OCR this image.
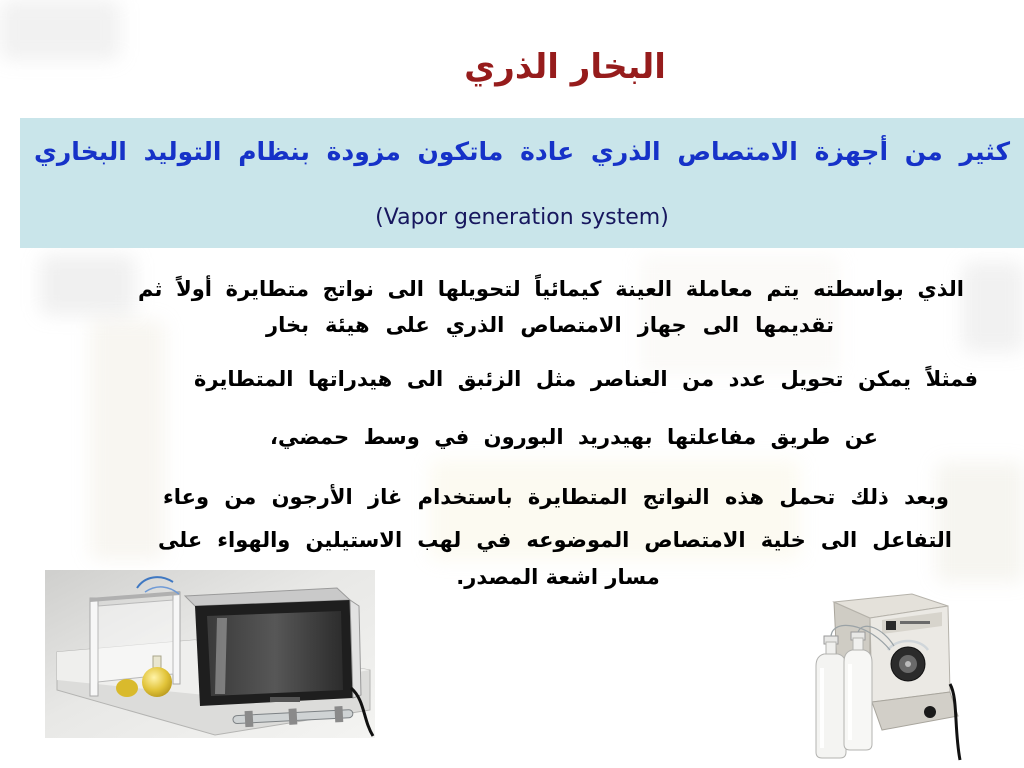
البخار الذري
كثير من أجهزة الامتصاص الذري عادة ماتكون مزودة بنظام التوليد البخاري
(Vapor generation system)
الذي بواسطته يتم معاملة العينة كيمائياً لتحويلها الى نواتج متطايرة أولاً ثم
تقديمها الى جهاز الامتصاص الذري على هيئة بخار
فمثلاً يمكن تحويل عدد من العناصر مثل الزئبق الى هيدراتها المتطايرة
عن طريق مفاعلتها بهيدريد البورون في وسط حمضي،
وبعد ذلك تحمل هذه النواتج المتطايرة باستخدام غاز الأرجون من وعاء
التفاعل الى خلية الامتصاص الموضوعه في لهب الاستيلين والهواء على
مسار اشعة المصدر.
